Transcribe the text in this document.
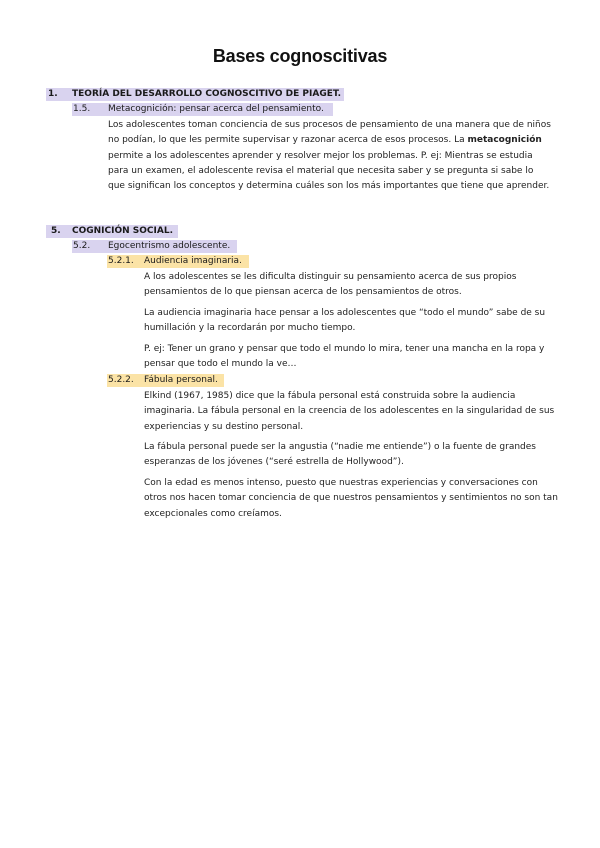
Bases cognoscitivas
1. TEORÍA DEL DESARROLLO COGNOSCITIVO DE PIAGET.
1.5. Metacognición: pensar acerca del pensamiento.
Los adolescentes toman conciencia de sus procesos de pensamiento de una manera que de niños no podían, lo que les permite supervisar y razonar acerca de esos procesos. La metacognición permite a los adolescentes aprender y resolver mejor los problemas. P. ej: Mientras se estudia para un examen, el adolescente revisa el material que necesita saber y se pregunta si sabe lo que significan los conceptos y determina cuáles son los más importantes que tiene que aprender.
5. COGNICIÓN SOCIAL.
5.2. Egocentrismo adolescente.
5.2.1. Audiencia imaginaria.
A los adolescentes se les dificulta distinguir su pensamiento acerca de sus propios pensamientos de lo que piensan acerca de los pensamientos de otros.
La audiencia imaginaria hace pensar a los adolescentes que “todo el mundo” sabe de su humillación y la recordarán por mucho tiempo.
P. ej: Tener un grano y pensar que todo el mundo lo mira, tener una mancha en la ropa y pensar que todo el mundo la ve…
5.2.2. Fábula personal.
Elkind (1967, 1985) dice que la fábula personal está construida sobre la audiencia imaginaria. La fábula personal en la creencia de los adolescentes en la singularidad de sus experiencias y su destino personal.
La fábula personal puede ser la angustia (“nadie me entiende”) o la fuente de grandes esperanzas de los jóvenes (“seré estrella de Hollywood”).
Con la edad es menos intenso, puesto que nuestras experiencias y conversaciones con otros nos hacen tomar conciencia de que nuestros pensamientos y sentimientos no son tan excepcionales como creíamos.
